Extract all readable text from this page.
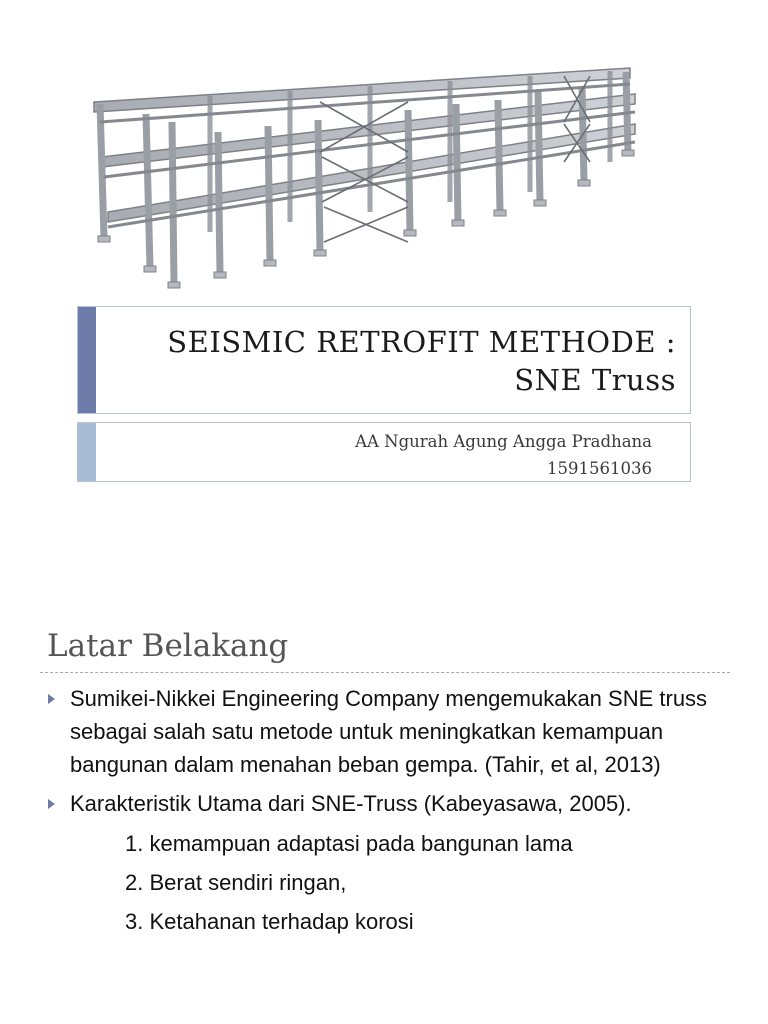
SEISMIC RETROFIT METHODE :
SNE Truss
AA Ngurah Agung Angga Pradhana
1591561036
Latar Belakang
Sumikei-Nikkei Engineering Company mengemukakan SNE truss sebagai salah satu metode untuk meningkatkan kemampuan bangunan dalam menahan beban gempa. (Tahir, et al, 2013)
Karakteristik Utama dari SNE-Truss (Kabeyasawa, 2005).
1. kemampuan adaptasi pada bangunan lama
2. Berat sendiri ringan,
3. Ketahanan terhadap korosi
